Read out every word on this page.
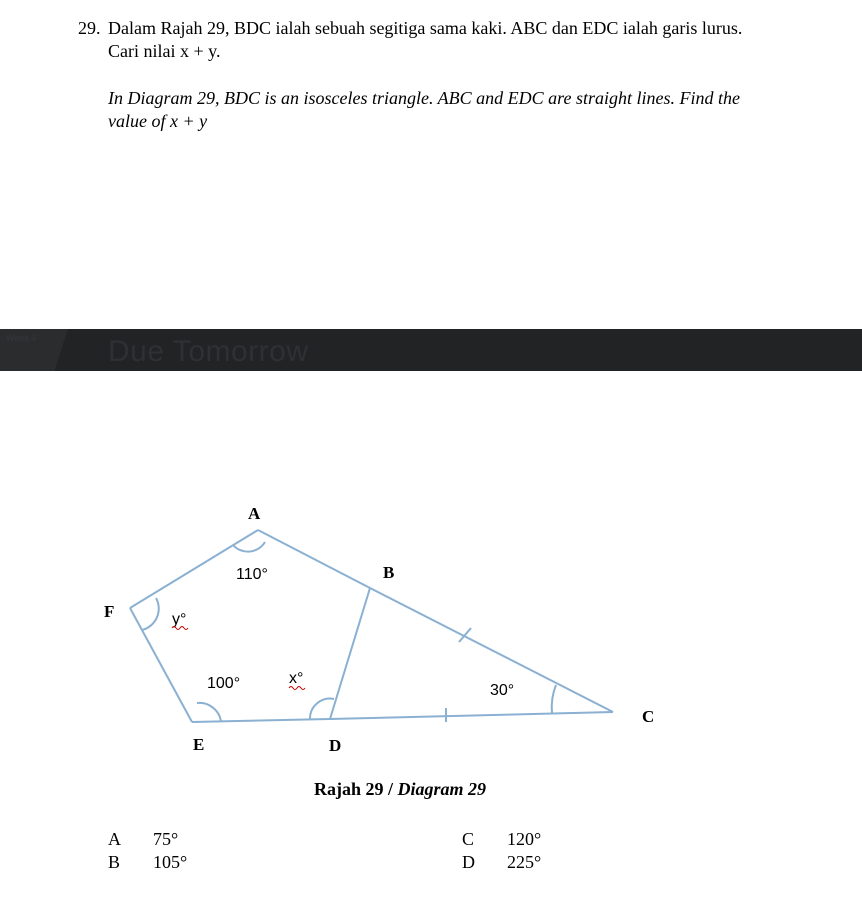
29. Dalam Rajah 29, BDC ialah sebuah segitiga sama kaki. ABC dan EDC ialah garis lurus.
Cari nilai x + y.
In Diagram 29, BDC is an isosceles triangle. ABC and EDC are straight lines. Find the
value of x + y
Week 4 Due Tomorrow
A
B
C
D
E
F
110°
100°	30°
x°
y°
Rajah 29 / Diagram 29
A 75°
B 105°
C 120°
D 225°
